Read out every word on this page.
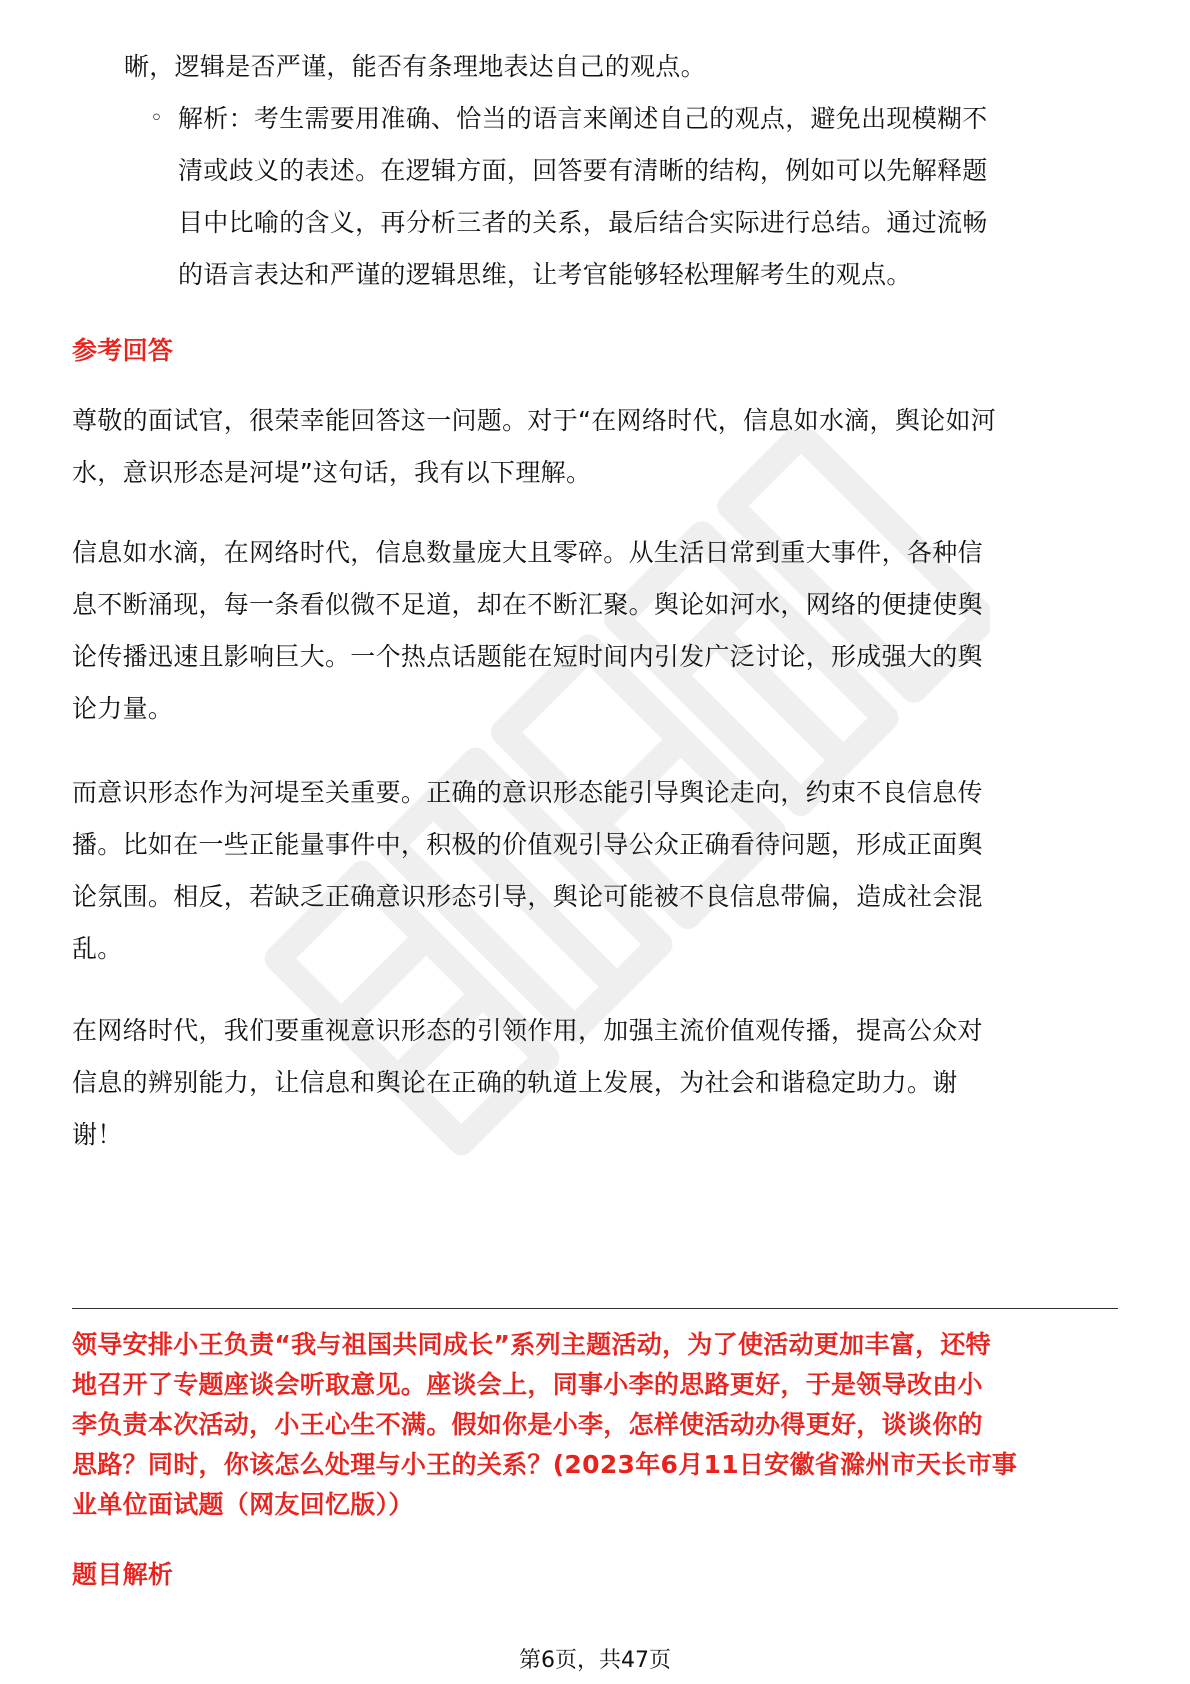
晰，逻辑是否严谨，能否有条理地表达自己的观点。
◦ 解析：考生需要用准确、恰当的语言来阐述自己的观点，避免出现模糊不
清或歧义的表述。在逻辑方面，回答要有清晰的结构，例如可以先解释题
目中比喻的含义，再分析三者的关系，最后结合实际进行总结。通过流畅
的语言表达和严谨的逻辑思维，让考官能够轻松理解考生的观点。
参考回答
尊敬的面试官，很荣幸能回答这一问题。对于“在网络时代，信息如水滴，舆论如河
水，意识形态是河堤”这句话，我有以下理解。
信息如水滴，在网络时代，信息数量庞大且零碎。从生活日常到重大事件，各种信
息不断涌现，每一条看似微不足道，却在不断汇聚。舆论如河水，网络的便捷使舆
论传播迅速且影响巨大。一个热点话题能在短时间内引发广泛讨论，形成强大的舆
论力量。
而意识形态作为河堤至关重要。正确的意识形态能引导舆论走向，约束不良信息传
播。比如在一些正能量事件中，积极的价值观引导公众正确看待问题，形成正面舆
论氛围。相反，若缺乏正确意识形态引导，舆论可能被不良信息带偏，造成社会混
乱。
在网络时代，我们要重视意识形态的引领作用，加强主流价值观传播，提高公众对
信息的辨别能力，让信息和舆论在正确的轨道上发展，为社会和谐稳定助力。谢
谢！
领导安排小王负责“我与祖国共同成长”系列主题活动，为了使活动更加丰富，还特
地召开了专题座谈会听取意见。座谈会上，同事小李的思路更好，于是领导改由小
李负责本次活动，小王心生不满。假如你是小李，怎样使活动办得更好，谈谈你的
思路？同时，你该怎么处理与小王的关系？(2023年6月11日安徽省滁州市天长市事
业单位面试题（网友回忆版））
题目解析
第6页，共47页
